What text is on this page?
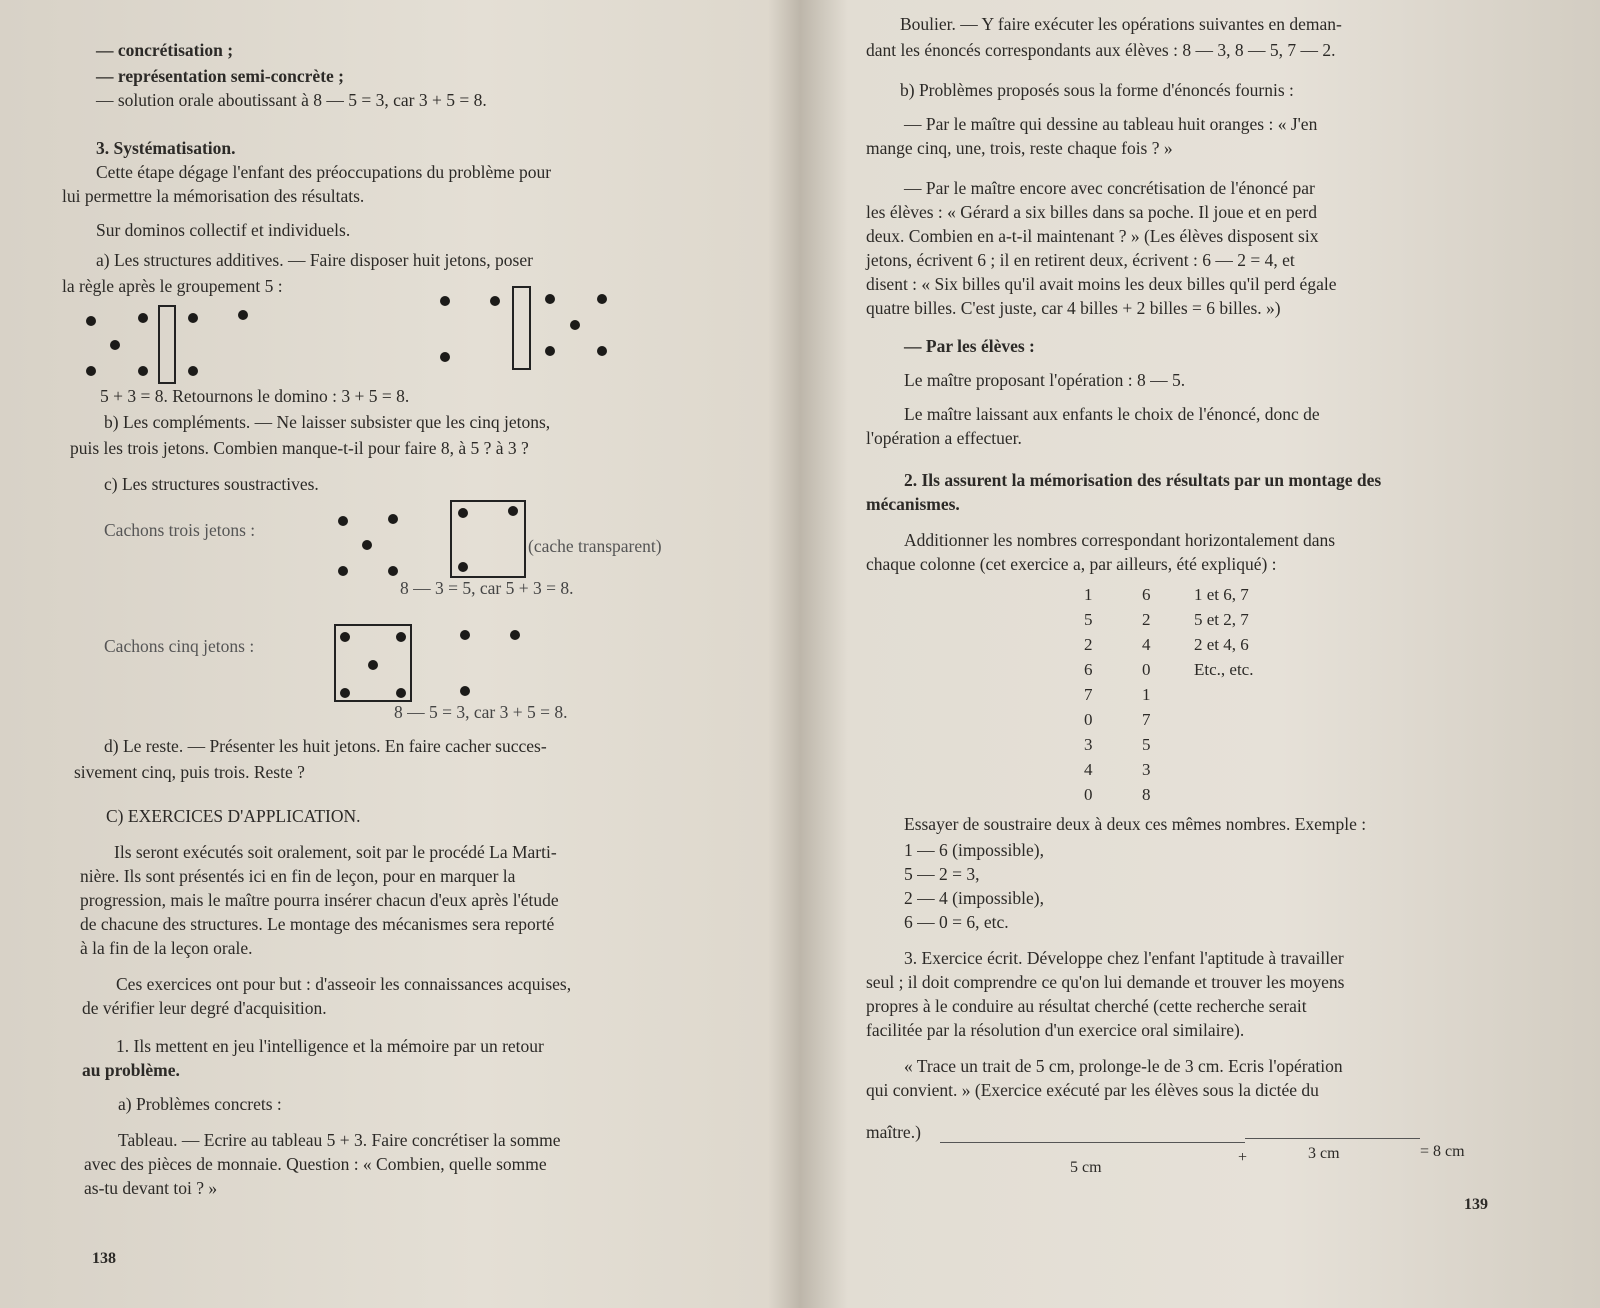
— concrétisation ;
— représentation semi-concrète ;
— solution orale aboutissant à 8 — 5 = 3, car 3 + 5 = 8.
3. Systématisation.
Cette étape dégage l'enfant des préoccupations du problème pour
lui permettre la mémorisation des résultats.
Sur dominos collectif et individuels.
a) Les structures additives. — Faire disposer huit jetons, poser
la règle après le groupement 5 :
5 + 3 = 8. Retournons le domino : 3 + 5 = 8.
b) Les compléments. — Ne laisser subsister que les cinq jetons,
puis les trois jetons. Combien manque-t-il pour faire 8, à 5 ? à 3 ?
c) Les structures soustractives.
Cachons trois jetons :
(cache transparent)
8 — 3 = 5, car 5 + 3 = 8.
Cachons cinq jetons :
8 — 5 = 3, car 3 + 5 = 8.
d) Le reste. — Présenter les huit jetons. En faire cacher succes-
sivement cinq, puis trois. Reste ?
C) EXERCICES D'APPLICATION.
Ils seront exécutés soit oralement, soit par le procédé La Marti-
nière. Ils sont présentés ici en fin de leçon, pour en marquer la
progression, mais le maître pourra insérer chacun d'eux après l'étude
de chacune des structures. Le montage des mécanismes sera reporté
à la fin de la leçon orale.
Ces exercices ont pour but : d'asseoir les connaissances acquises,
de vérifier leur degré d'acquisition.
1. Ils mettent en jeu l'intelligence et la mémoire par un retour
au problème.
a) Problèmes concrets :
Tableau. — Ecrire au tableau 5 + 3. Faire concrétiser la somme
avec des pièces de monnaie. Question : « Combien, quelle somme
as-tu devant toi ? »
138
Boulier. — Y faire exécuter les opérations suivantes en deman-
dant les énoncés correspondants aux élèves : 8 — 3, 8 — 5, 7 — 2.
b) Problèmes proposés sous la forme d'énoncés fournis :
— Par le maître qui dessine au tableau huit oranges : « J'en
mange cinq, une, trois, reste chaque fois ? »
— Par le maître encore avec concrétisation de l'énoncé par
les élèves : « Gérard a six billes dans sa poche. Il joue et en perd
deux. Combien en a-t-il maintenant ? » (Les élèves disposent six
jetons, écrivent 6 ; il en retirent deux, écrivent : 6 — 2 = 4, et
disent : « Six billes qu'il avait moins les deux billes qu'il perd égale
quatre billes. C'est juste, car 4 billes + 2 billes = 6 billes. »)
— Par les élèves :
Le maître proposant l'opération : 8 — 5.
Le maître laissant aux enfants le choix de l'énoncé, donc de
l'opération a effectuer.
2. Ils assurent la mémorisation des résultats par un montage des
mécanismes.
Additionner les nombres correspondant horizontalement dans
chaque colonne (cet exercice a, par ailleurs, été expliqué) :
1	6	1 et 6, 7
5	2	5 et 2, 7
2	4	2 et 4, 6
6	0	Etc., etc.
7	1
0	7
3	5
4	3
0	8
Essayer de soustraire deux à deux ces mêmes nombres. Exemple :
1 — 6 (impossible),
5 — 2 = 3,
2 — 4 (impossible),
6 — 0 = 6, etc.
3. Exercice écrit. Développe chez l'enfant l'aptitude à travailler
seul ; il doit comprendre ce qu'on lui demande et trouver les moyens
propres à le conduire au résultat cherché (cette recherche serait
facilitée par la résolution d'un exercice oral similaire).
« Trace un trait de 5 cm, prolonge-le de 3 cm. Ecris l'opération
qui convient. » (Exercice exécuté par les élèves sous la dictée du
maître.)
5 cm
+	3 cm	= 8 cm
139
